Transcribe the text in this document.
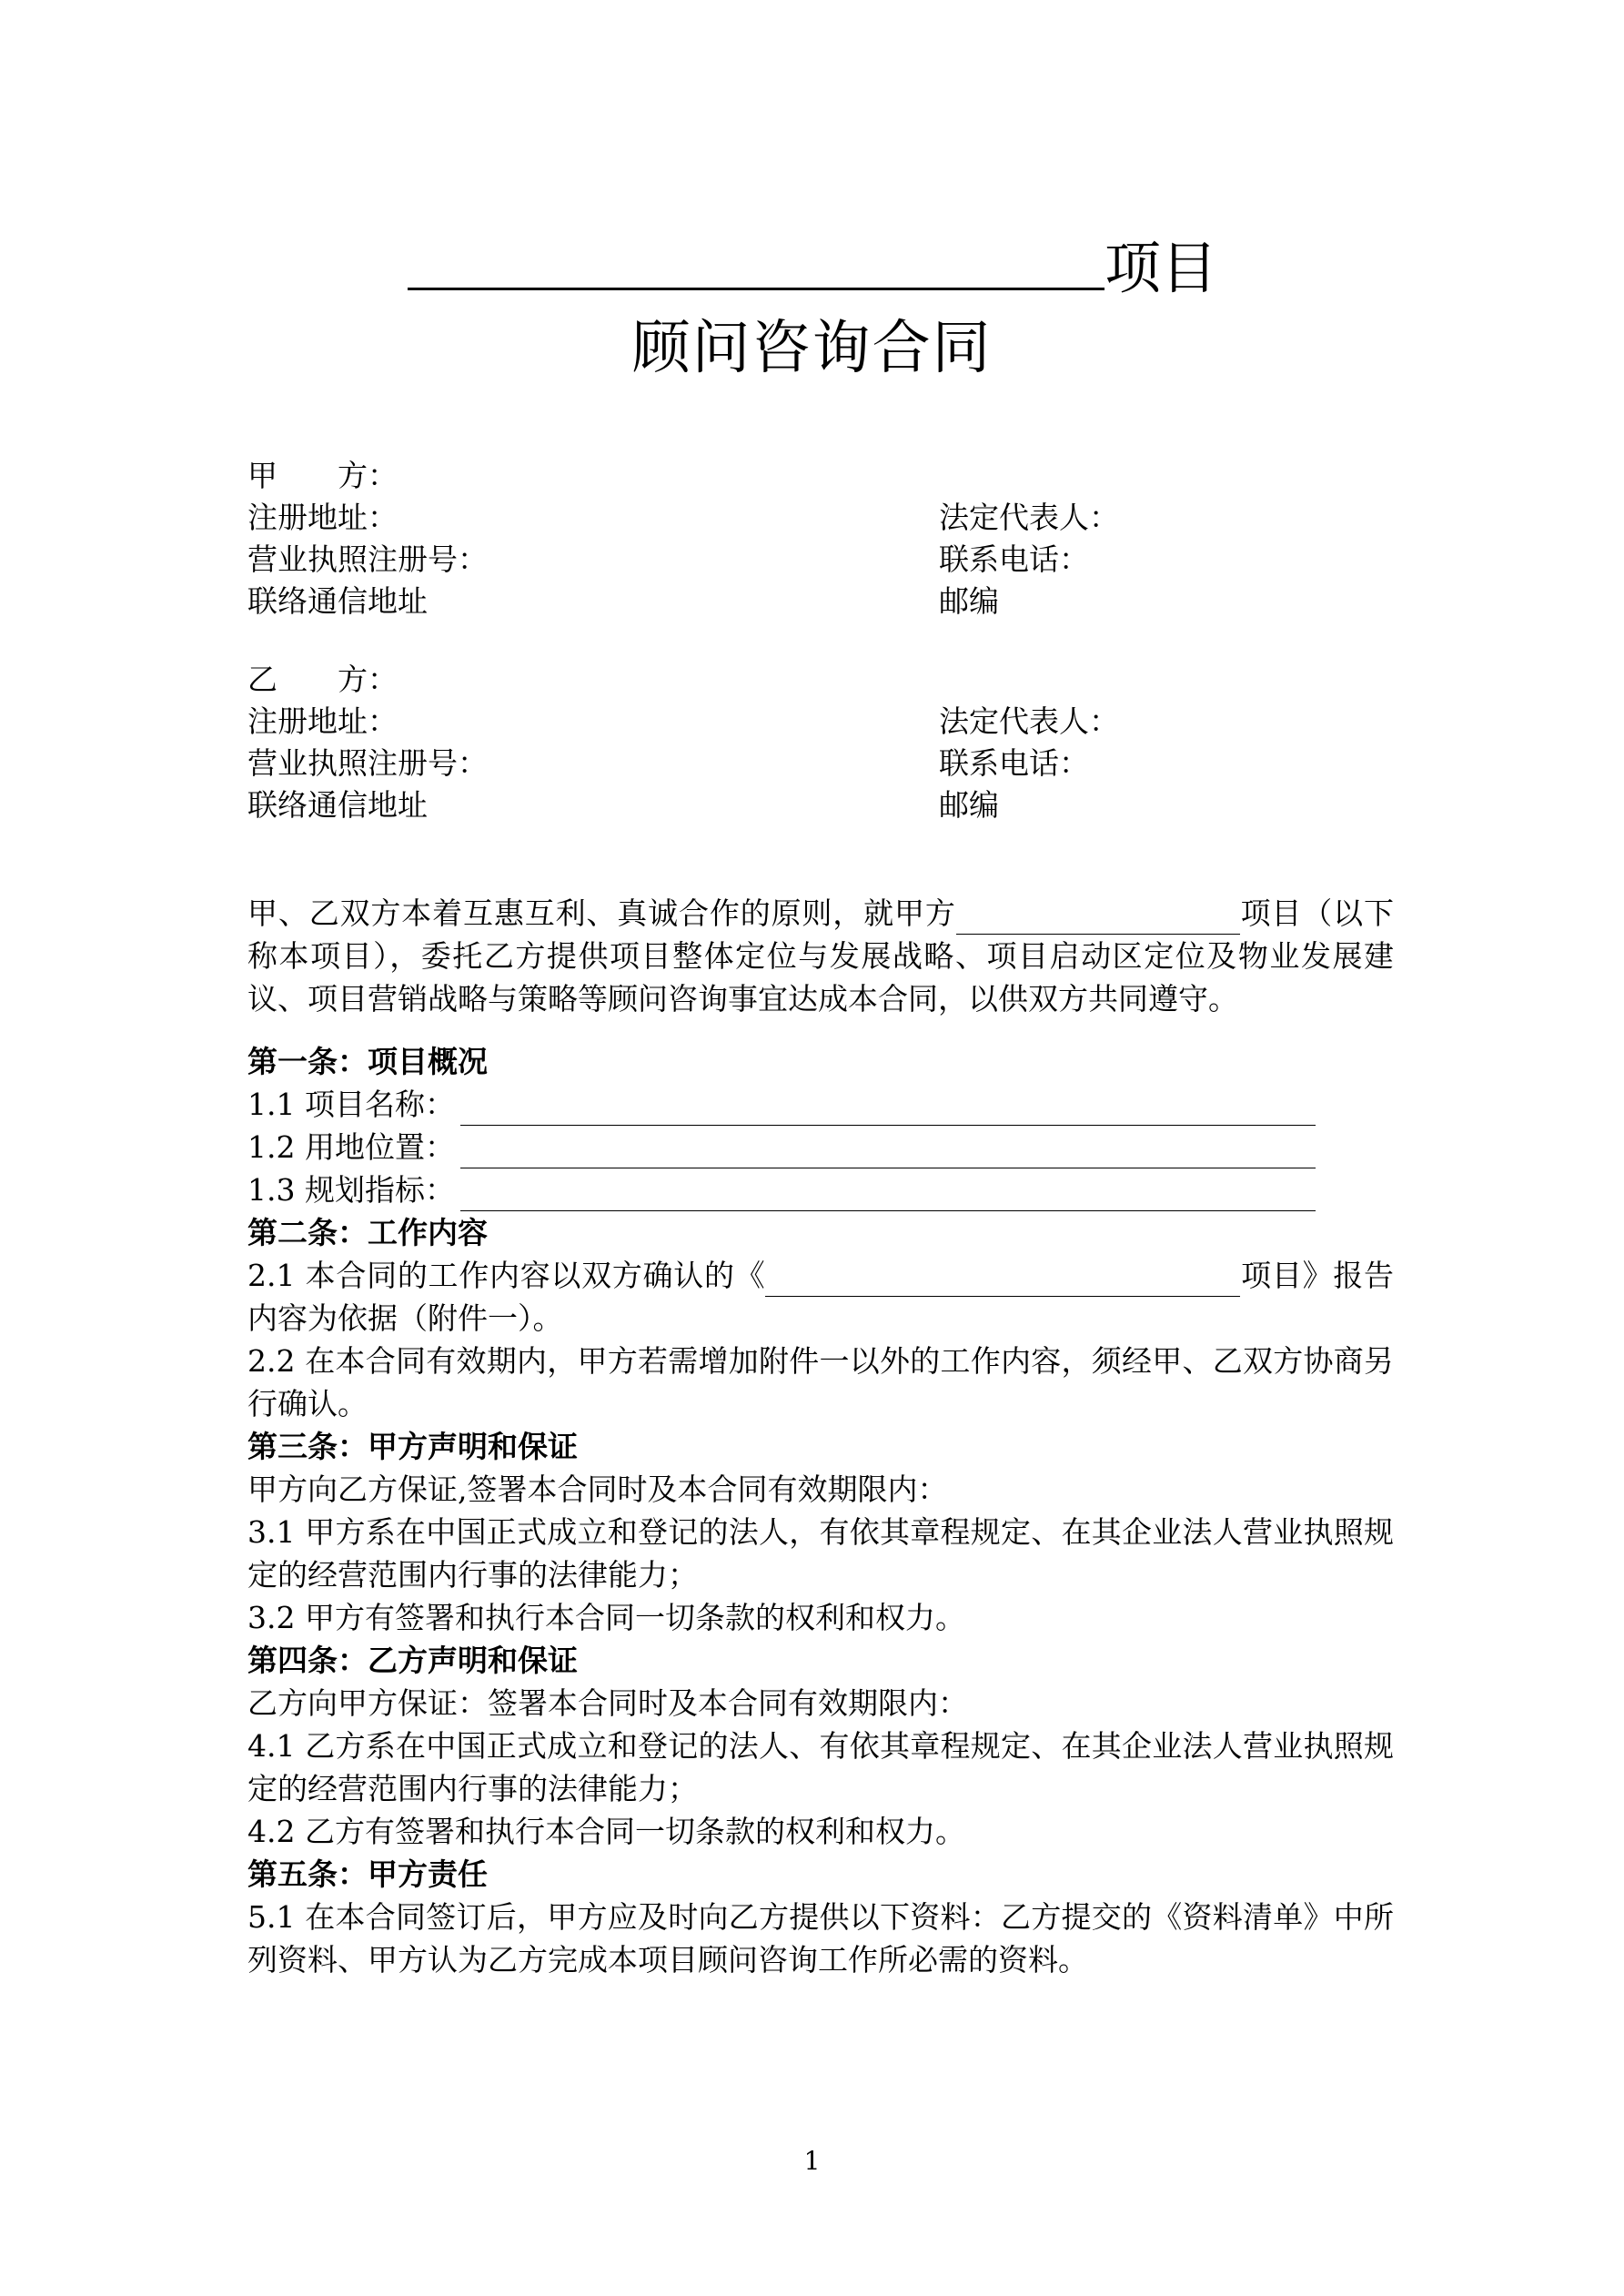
项目
顾问咨询合同
甲 方：
注册地址：	法定代表人：
营业执照注册号：	联系电话：
联络通信地址	邮编
乙 方：
注册地址：	法定代表人：
营业执照注册号：	联系电话：
联络通信地址	邮编

甲、乙双方本着互惠互利、真诚合作的原则，就甲方	项目（以下称本项目），委托乙方提供项目整体定位与发展战略、项目启动区定位及物业发展建议、项目营销战略与策略等顾问咨询事宜达成本合同，以供双方共同遵守。

第一条：项目概况

1.1 项目名称：

1.2 用地位置：

1.3 规划指标：

第二条：工作内容

2.1 本合同的工作内容以双方确认的《	项目》报告内容为依据（附件一）。

2.2 在本合同有效期内，甲方若需增加附件一以外的工作内容，须经甲、乙双方协商另行确认。

第三条：甲方声明和保证

甲方向乙方保证,签署本合同时及本合同有效期限内：

3.1 甲方系在中国正式成立和登记的法人，有依其章程规定、在其企业法人营业执照规定的经营范围内行事的法律能力；

3.2 甲方有签署和执行本合同一切条款的权利和权力。

第四条：乙方声明和保证

乙方向甲方保证：签署本合同时及本合同有效期限内：

4.1 乙方系在中国正式成立和登记的法人、有依其章程规定、在其企业法人营业执照规定的经营范围内行事的法律能力；

4.2 乙方有签署和执行本合同一切条款的权利和权力。

第五条：甲方责任

5.1 在本合同签订后，甲方应及时向乙方提供以下资料：乙方提交的《资料清单》中所列资料、甲方认为乙方完成本项目顾问咨询工作所必需的资料。

1
